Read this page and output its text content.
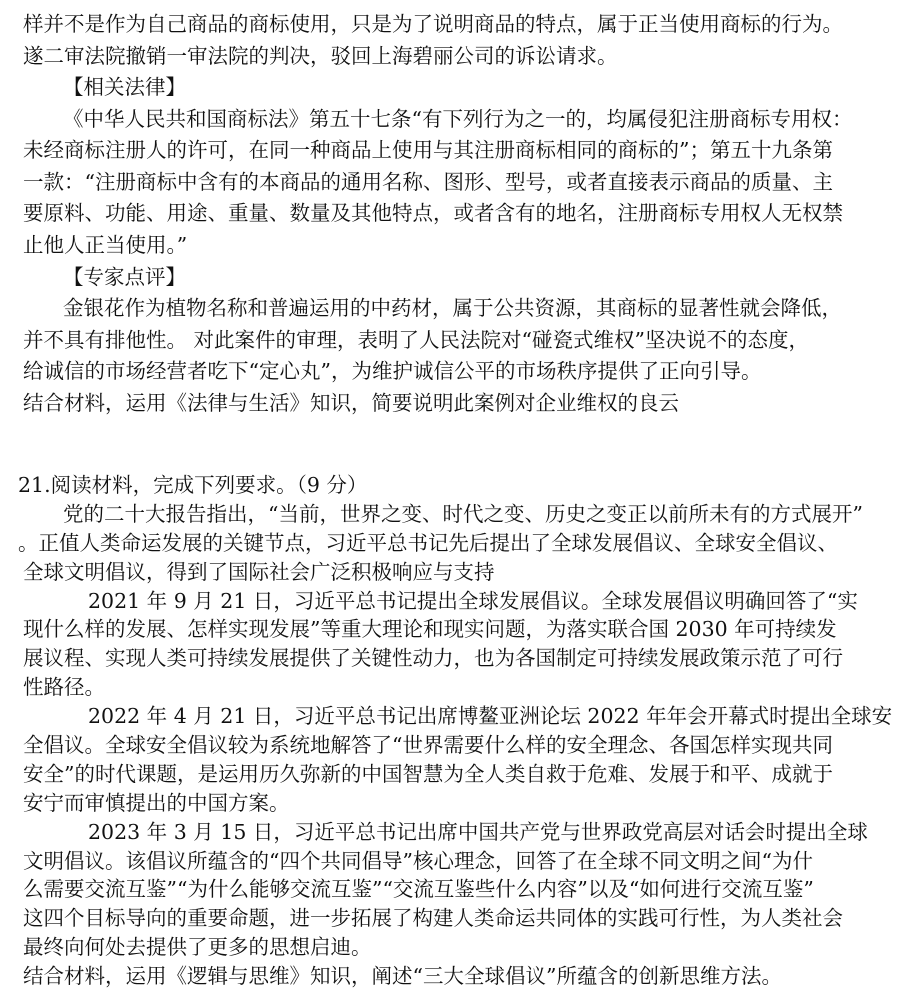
样并不是作为自己商品的商标使用，只是为了说明商品的特点，属于正当使用商标的行为。
遂二审法院撤销一审法院的判决，驳回上海碧丽公司的诉讼请求。
【相关法律】
《中华人民共和国商标法》第五十七条“有下列行为之一的，均属侵犯注册商标专用权：
未经商标注册人的许可，在同一种商品上使用与其注册商标相同的商标的”；第五十九条第
一款：“注册商标中含有的本商品的通用名称、图形、型号，或者直接表示商品的质量、主
要原料、功能、用途、重量、数量及其他特点，或者含有的地名，注册商标专用权人无权禁
止他人正当使用。”
【专家点评】
金银花作为植物名称和普遍运用的中药材，属于公共资源，其商标的显著性就会降低，
并不具有排他性。 对此案件的审理，表明了人民法院对“碰瓷式维权”坚决说不的态度，
给诚信的市场经营者吃下“定心丸”，为维护诚信公平的市场秩序提供了正向引导。
结合材料，运用《法律与生活》知识，简要说明此案例对企业维权的良云
21.阅读材料，完成下列要求。（9 分）
党的二十大报告指出，“当前，世界之变、时代之变、历史之变正以前所未有的方式展开”
。正值人类命运发展的关键节点，习近平总书记先后提出了全球发展倡议、全球安全倡议、
全球文明倡议，得到了国际社会广泛积极响应与支持
2021 年 9 月 21 日，习近平总书记提出全球发展倡议。全球发展倡议明确回答了“实
现什么样的发展、怎样实现发展”等重大理论和现实问题，为落实联合国 2030 年可持续发
展议程、实现人类可持续发展提供了关键性动力，也为各国制定可持续发展政策示范了可行
性路径。
2022 年 4 月 21 日，习近平总书记出席博鳌亚洲论坛 2022 年年会开幕式时提出全球安
全倡议。全球安全倡议较为系统地解答了“世界需要什么样的安全理念、各国怎样实现共同
安全”的时代课题，是运用历久弥新的中国智慧为全人类自救于危难、发展于和平、成就于
安宁而审慎提出的中国方案。
2023 年 3 月 15 日，习近平总书记出席中国共产党与世界政党高层对话会时提出全球
文明倡议。该倡议所蕴含的“四个共同倡导”核心理念，回答了在全球不同文明之间“为什
么需要交流互鉴”“为什么能够交流互鉴”“交流互鉴些什么内容”以及“如何进行交流互鉴”
这四个目标导向的重要命题，进一步拓展了构建人类命运共同体的实践可行性，为人类社会
最终向何处去提供了更多的思想启迪。
结合材料，运用《逻辑与思维》知识，阐述“三大全球倡议”所蕴含的创新思维方法。
